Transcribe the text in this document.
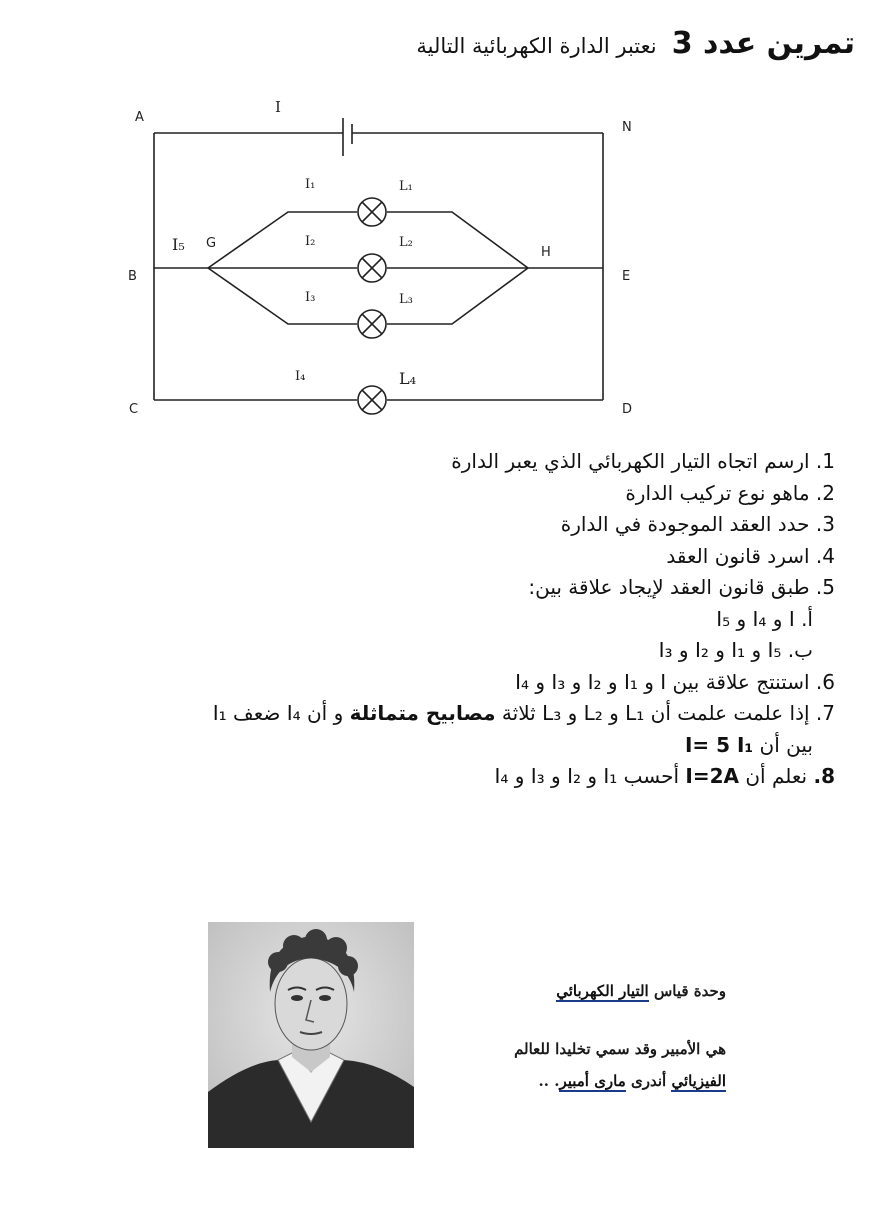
تمرين عدد 3 نعتبر الدارة الكهربائية التالية
A
N
B	E
C	D
G
H
I
I₁
I₂
I₃
I₄
I₅
L₁
L₂
L₃
L₄
1. ارسم اتجاه التيار الكهربائي الذي يعبر الدارة
2. ماهو نوع تركيب الدارة
3. حدد العقد الموجودة في الدارة
4. اسرد قانون العقد
5. طبق قانون العقد لإيجاد علاقة بين:
أ. I و I₄ و I₅
ب. I₅ و I₁ و I₂ و I₃
6. استنتج علاقة بين I و I₁ و I₂ و I₃ و I₄
7. إذا علمت علمت أن L₁ و L₂ و L₃ ثلاثة مصابيح متماثلة و أن I₄ ضعف I₁
بين أن I= 5 I₁
8. نعلم أن I=2A أحسب I₁ و I₂ و I₃ و I₄
وحدة قياس التيار الكهربائي
هي الأمبير وقد سمي تخليدا للعالم
الفيزيائي أندرى مارى أمبير. ..
